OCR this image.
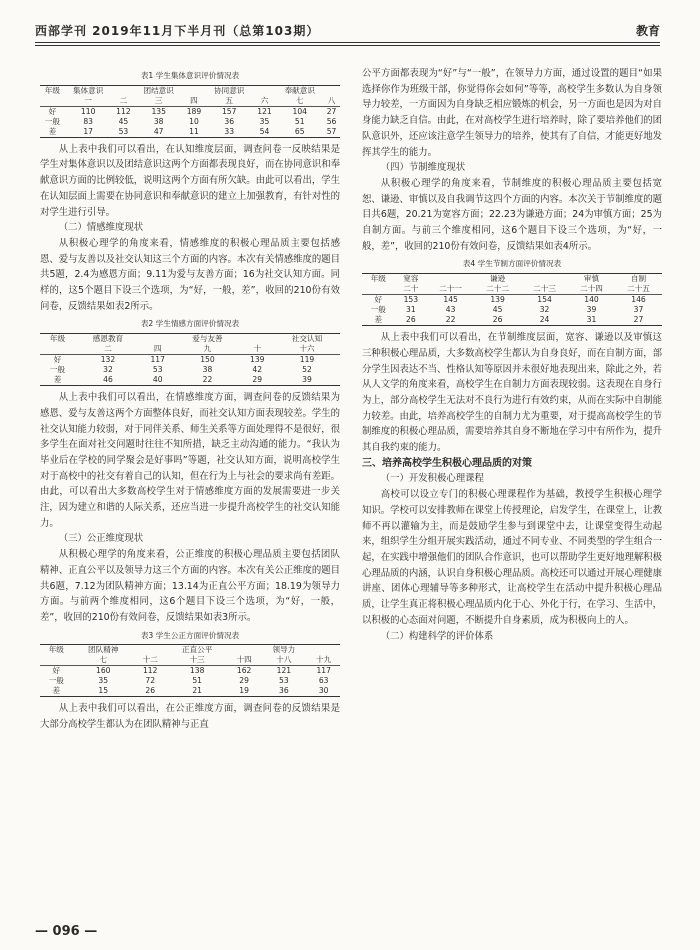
西部学刊 2019年11月下半月刊（总第103期）	教育
表1 学生集体意识评价情况表
年级	集体意识		团结意识		协同意识		奉献意识	
	一	二	三	四	五	六	七	八
好	110	112	135	189	157	121	104	27
一般	83	45	38	10	36	35	51	56
差	17	53	47	11	33	54	65	57

从上表中我们可以看出，在认知维度层面，调查问卷一反映结果是学生对集体意识以及团结意识这两个方面都表现良好，而在协同意识和奉献意识方面的比例较低，说明这两个方面有所欠缺。由此可以看出，学生在认知层面上需要在协同意识和奉献意识的建立上加强教育，有针对性的对学生进行引导。

（二）情感维度现状

从积极心理学的角度来看，情感维度的积极心理品质主要包括感恩、爱与友善以及社交认知这三个方面的内容。本次有关情感维度的题目共5题，2.4为感恩方面；9.11为爱与友善方面；16为社交认知方面。同样的，这5个题目下设三个选项，为“好，一般，差”，收回的210份有效问卷，反馈结果如表2所示。

表2 学生情感方面评价情况表
年级	感恩教育		爱与友善		社交认知
	二	四	九	十	十六
好	132	117	150	139	119
一般	32	53	38	42	52
差	46	40	22	29	39

从上表中我们可以看出，在情感维度方面，调查问卷的反馈结果为感恩、爱与友善这两个方面整体良好，而社交认知方面表现较差。学生的社交认知能力较弱，对于同伴关系、师生关系等方面处理得不是很好，很多学生在面对社交问题时往往不知所措，缺乏主动沟通的能力。“我认为毕业后在学校的同学聚会是好事吗”等题，社交认知方面，说明高校学生对于高校中的社交有着自己的认知，但在行为上与社会的要求尚有差距。由此，可以看出大多数高校学生对于情感维度方面的发展需要进一步关注，因为建立和谐的人际关系，还应当进一步提升高校学生的社交认知能力。

（三）公正维度现状

从积极心理学的角度来看，公正维度的积极心理品质主要包括团队精神、正直公平以及领导力这三个方面的内容。本次有关公正维度的题目共6题，7.12为团队精神方面；13.14为正直公平方面；18.19为领导力方面。与前两个维度相同，这6个题目下设三个选项，为“好，一般，差”，收回的210份有效问卷，反馈结果如表3所示。

表3 学生公正方面评价情况表
年级	团队精神		正直公平		领导力	
	七	十二	十三	十四	十八	十九
好	160	112	138	162	121	117
一般	35	72	51	29	53	63
差	15	26	21	19	36	30

从上表中我们可以看出，在公正维度方面，调查问卷的反馈结果是大部分高校学生都认为在团队精神与正直

公平方面都表现为“好”与“一般”，在领导力方面，通过设置的题目“如果选择你作为班级干部，你觉得你会如何”等等，高校学生多数认为自身领导力较差，一方面因为自身缺乏相应锻炼的机会，另一方面也是因为对自身能力缺乏自信。由此，在对高校学生进行培养时，除了要培养他们的团队意识外，还应该注意学生领导力的培养，使其有了自信，才能更好地发挥其学生的能力。

（四）节制维度现状

从积极心理学的角度来看，节制维度的积极心理品质主要包括宽恕、谦逊、审慎以及自我调节这四个方面的内容。本次关于节制维度的题目共6题，20.21为宽容方面；22.23为谦逊方面；24为审慎方面；25为自制方面。与前三个维度相同，这6个题目下设三个选项，为“好，一般，差”，收回的210份有效问卷，反馈结果如表4所示。

表4 学生节制方面评价情况表
年级	宽容		谦逊		审慎	自制
	二十	二十一	二十二	二十三	二十四	二十五
好	153	145	139	154	140	146
一般	31	43	45	32	39	37
差	26	22	26	24	31	27

从上表中我们可以看出，在节制维度层面，宽容、谦逊以及审慎这三种积极心理品质，大多数高校学生都认为自身良好，而在自制方面，部分学生因表达不当、性格认知等原因并未很好地表现出来，除此之外，若从人文学的角度来看，高校学生在自制力方面表现较弱。这表现在自身行为上，部分高校学生无法对不良行为进行有效约束，从而在实际中自制能力较差。由此，培养高校学生的自制力尤为重要，对于提高高校学生的节制维度的积极心理品质，需要培养其自身不断地在学习中有所作为，提升其自我约束的能力。

三、培养高校学生积极心理品质的对策

（一）开发积极心理课程

高校可以设立专门的积极心理课程作为基础，教授学生积极心理学知识。学校可以安排教师在课堂上传授理论，启发学生，在课堂上，让教师不再以灌输为主，而是鼓励学生参与到课堂中去，让课堂变得生动起来，组织学生分组开展实践活动，通过不同专业、不同类型的学生组合一起，在实践中增强他们的团队合作意识，也可以帮助学生更好地理解积极心理品质的内涵，认识自身积极心理品质。高校还可以通过开展心理健康讲座、团体心理辅导等多种形式，让高校学生在活动中提升积极心理品质，让学生真正将积极心理品质内化于心、外化于行，在学习、生活中，以积极的心态面对问题，不断提升自身素质，成为积极向上的人。

（二）构建科学的评价体系

— 096 —
